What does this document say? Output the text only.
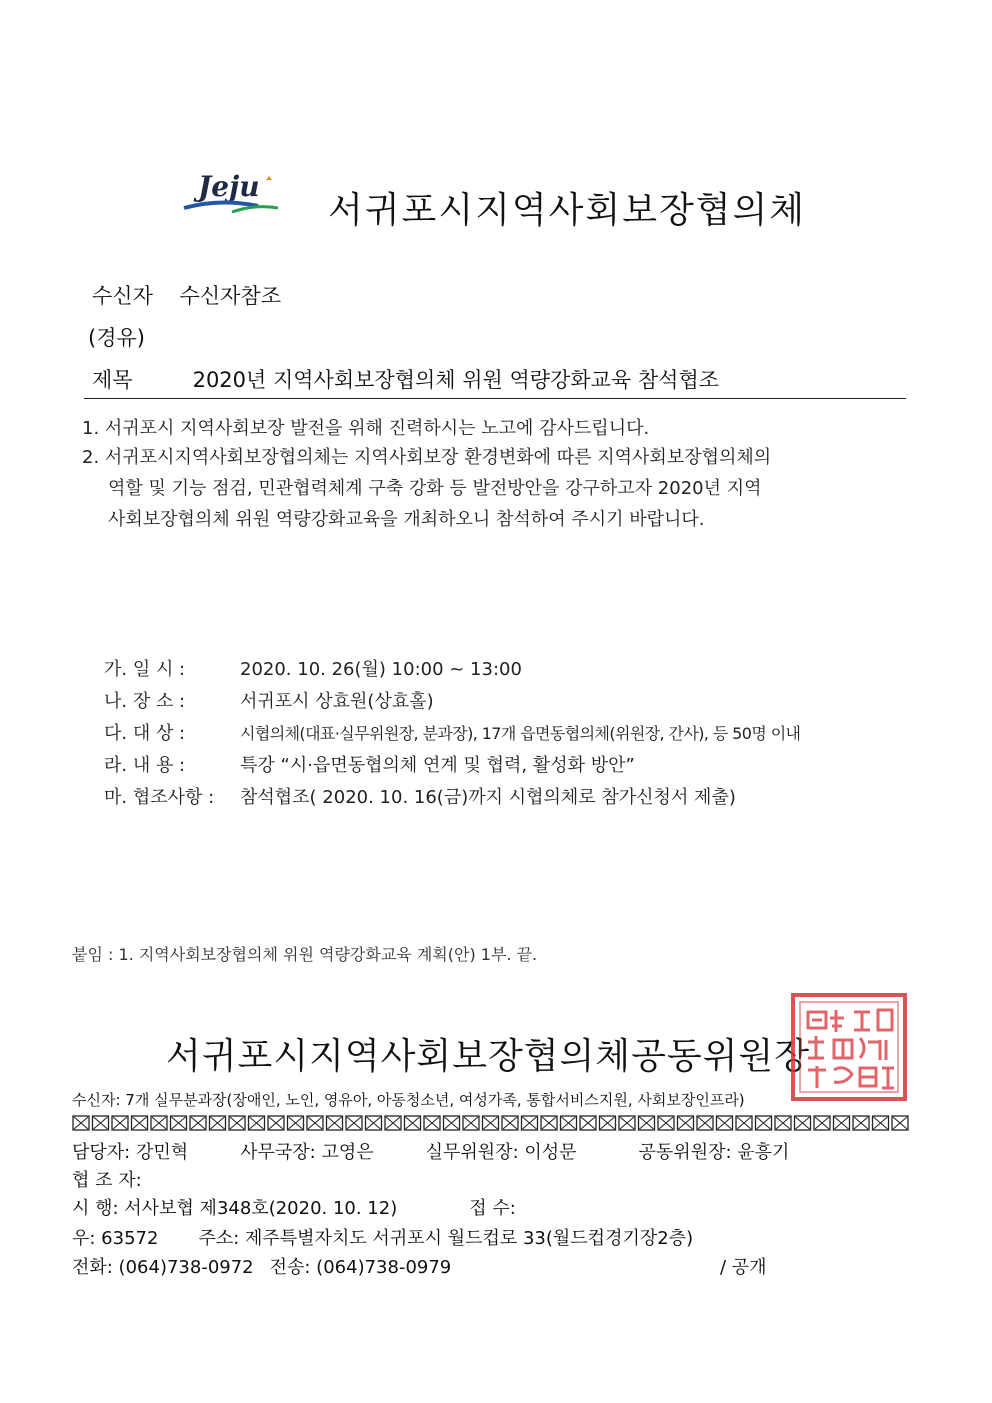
Jeju
서귀포시지역사회보장협의체
수신자 수신자참조
(경유)
제목	2020년 지역사회보장협의체 위원 역량강화교육 참석협조
1. 서귀포시 지역사회보장 발전을 위해 진력하시는 노고에 감사드립니다.
2. 서귀포시지역사회보장협의체는 지역사회보장 환경변화에 따른 지역사회보장협의체의
역할 및 기능 점검, 민관협력체계 구축 강화 등 발전방안을 강구하고자 2020년 지역
사회보장협의체 위원 역량강화교육을 개최하오니 참석하여 주시기 바랍니다.
가. 일 시 :	2020. 10. 26(월) 10:00 ~ 13:00
나. 장 소 :	서귀포시 상효원(상효홀)
다. 대 상 :	시협의체(대표·실무위원장, 분과장), 17개 읍면동협의체(위원장, 간사), 등 50명 이내
라. 내 용 :	특강 “시·읍면동협의체 연계 및 협력, 활성화 방안”
마. 협조사항 : 참석협조( 2020. 10. 16(금)까지 시협의체로 참가신청서 제출)
붙임 : 1. 지역사회보장협의체 위원 역량강화교육 계획(안) 1부. 끝.
서귀포시지역사회보장협의체공동위원장
수신자: 7개 실무분과장(장애인, 노인, 영유아, 아동청소년, 여성가족, 통합서비스지원, 사회보장인프라)
담당자: 강민혁	사무국장: 고영은	실무위원장: 이성문	공동위원장: 윤흥기
협 조 자:
시 행: 서사보협 제348호(2020. 10. 12)	접 수:
우: 63572 주소: 제주특별자치도 서귀포시 월드컵로 33(월드컵경기장2층)
전화: (064)738-0972 전송: (064)738-0979	/ 공개
